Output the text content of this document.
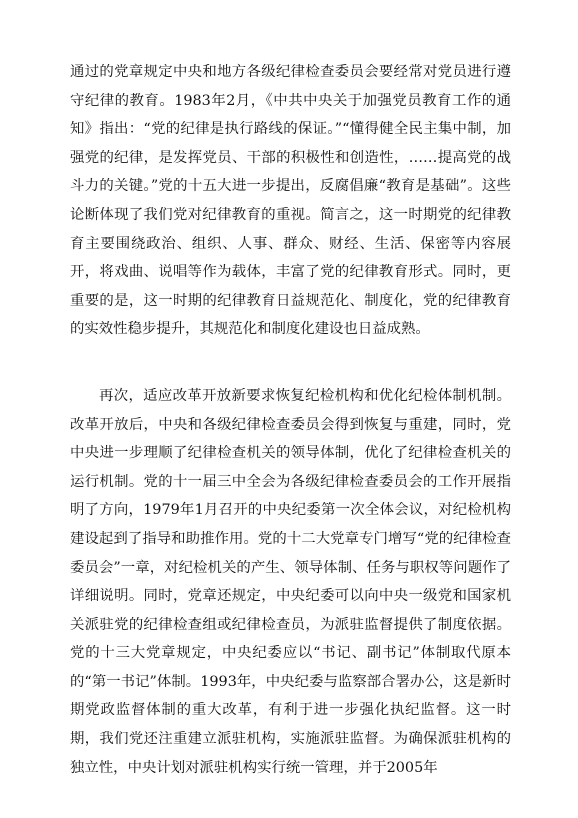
通过的党章规定中央和地方各级纪律检查委员会要经常对党员进行遵守纪律的教育。1983年2月，《中共中央关于加强党员教育工作的通知》指出：“党的纪律是执行路线的保证。”“懂得健全民主集中制，加强党的纪律，是发挥党员、干部的积极性和创造性，……提高党的战斗力的关键。”党的十五大进一步提出，反腐倡廉“教育是基础”。这些论断体现了我们党对纪律教育的重视。简言之，这一时期党的纪律教育主要围绕政治、组织、人事、群众、财经、生活、保密等内容展开，将戏曲、说唱等作为载体，丰富了党的纪律教育形式。同时，更重要的是，这一时期的纪律教育日益规范化、制度化，党的纪律教育的实效性稳步提升，其规范化和制度化建设也日益成熟。

再次，适应改革开放新要求恢复纪检机构和优化纪检体制机制。改革开放后，中央和各级纪律检查委员会得到恢复与重建，同时，党中央进一步理顺了纪律检查机关的领导体制，优化了纪律检查机关的运行机制。党的十一届三中全会为各级纪律检查委员会的工作开展指明了方向，1979年1月召开的中央纪委第一次全体会议，对纪检机构建设起到了指导和助推作用。党的十二大党章专门增写“党的纪律检查委员会”一章，对纪检机关的产生、领导体制、任务与职权等问题作了详细说明。同时，党章还规定，中央纪委可以向中央一级党和国家机关派驻党的纪律检查组或纪律检查员，为派驻监督提供了制度依据。党的十三大党章规定，中央纪委应以“书记、副书记”体制取代原本的“第一书记”体制。1993年，中央纪委与监察部合署办公，这是新时期党政监督体制的重大改革，有利于进一步强化执纪监督。这一时期，我们党还注重建立派驻机构，实施派驻监督。为确保派驻机构的独立性，中央计划对派驻机构实行统一管理，并于2005年
